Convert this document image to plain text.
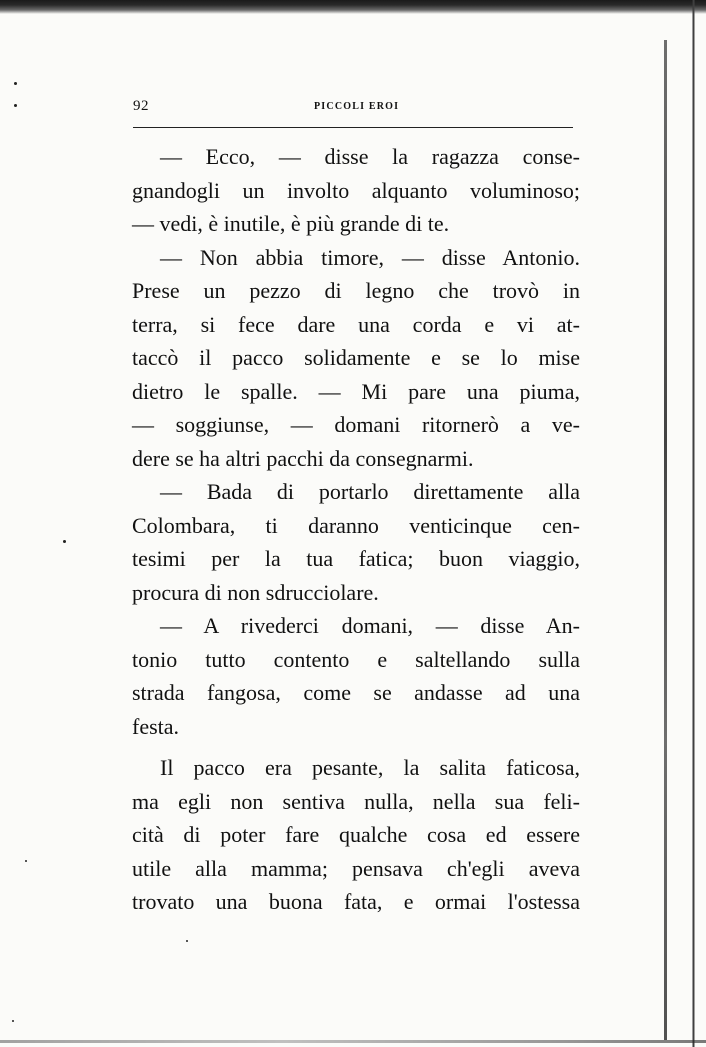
92	PICCOLI EROI

— Ecco, — disse la ragazza conse-
gnandogli un involto alquanto voluminoso;
— vedi, è inutile, è più grande di te.

— Non abbia timore, — disse Antonio.
Prese un pezzo di legno che trovò in
terra, si fece dare una corda e vi at-
taccò il pacco solidamente e se lo mise
dietro le spalle. — Mi pare una piuma,
— soggiunse, — domani ritornerò a ve-
dere se ha altri pacchi da consegnarmi.

— Bada di portarlo direttamente alla
Colombara, ti daranno venticinque cen-
tesimi per la tua fatica; buon viaggio,
procura di non sdrucciolare.

— A rivederci domani, — disse An-
tonio tutto contento e saltellando sulla
strada fangosa, come se andasse ad una
festa.

Il pacco era pesante, la salita faticosa,
ma egli non sentiva nulla, nella sua feli-
cità di poter fare qualche cosa ed essere
utile alla mamma; pensava ch'egli aveva
trovato una buona fata, e ormai l'ostessa
